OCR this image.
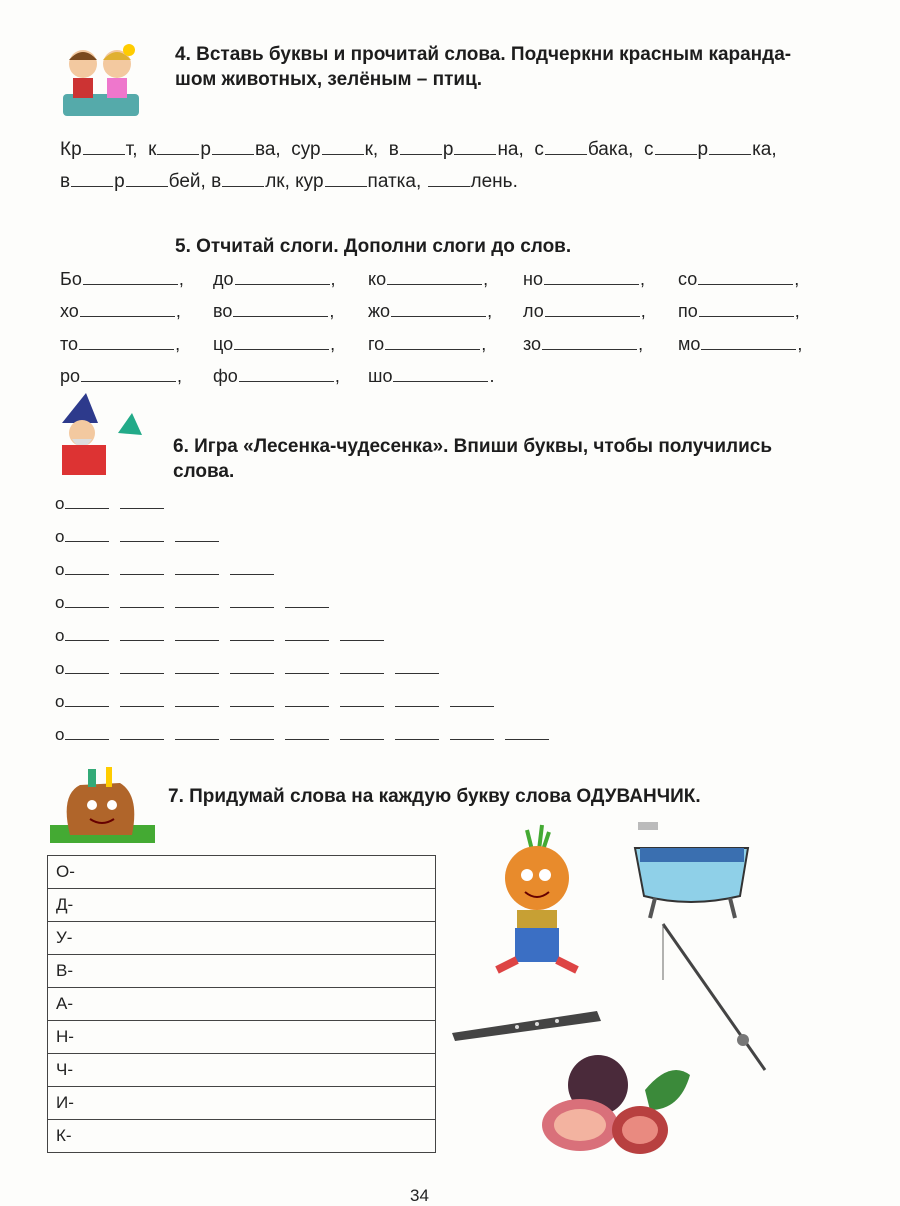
4. Вставь буквы и прочитай слова. Подчеркни красным каранда-
шом животных, зелёным – птиц.
Кр т,  к р ва,  сур к,  в р на,  с бака,  с р ка,
в р бей, в лк, кур патка, лень.
5. Отчитай слоги. Дополни слоги до слов.
Бо	, до	, ко	, но	, со	,
хо	, во	, жо	, ло	, по	,
то	, цо	, го	, зо	, мо	,
ро	, фо	, шо	.
6. Игра «Лесенка-чудесенка». Впиши буквы, чтобы получились
слова.
о
о
о
о
о
о
о
о
7. Придумай слова на каждую букву слова ОДУВАНЧИК.
О-
Д-
У-
В-
А-
Н-
Ч-
И-
К-
34
